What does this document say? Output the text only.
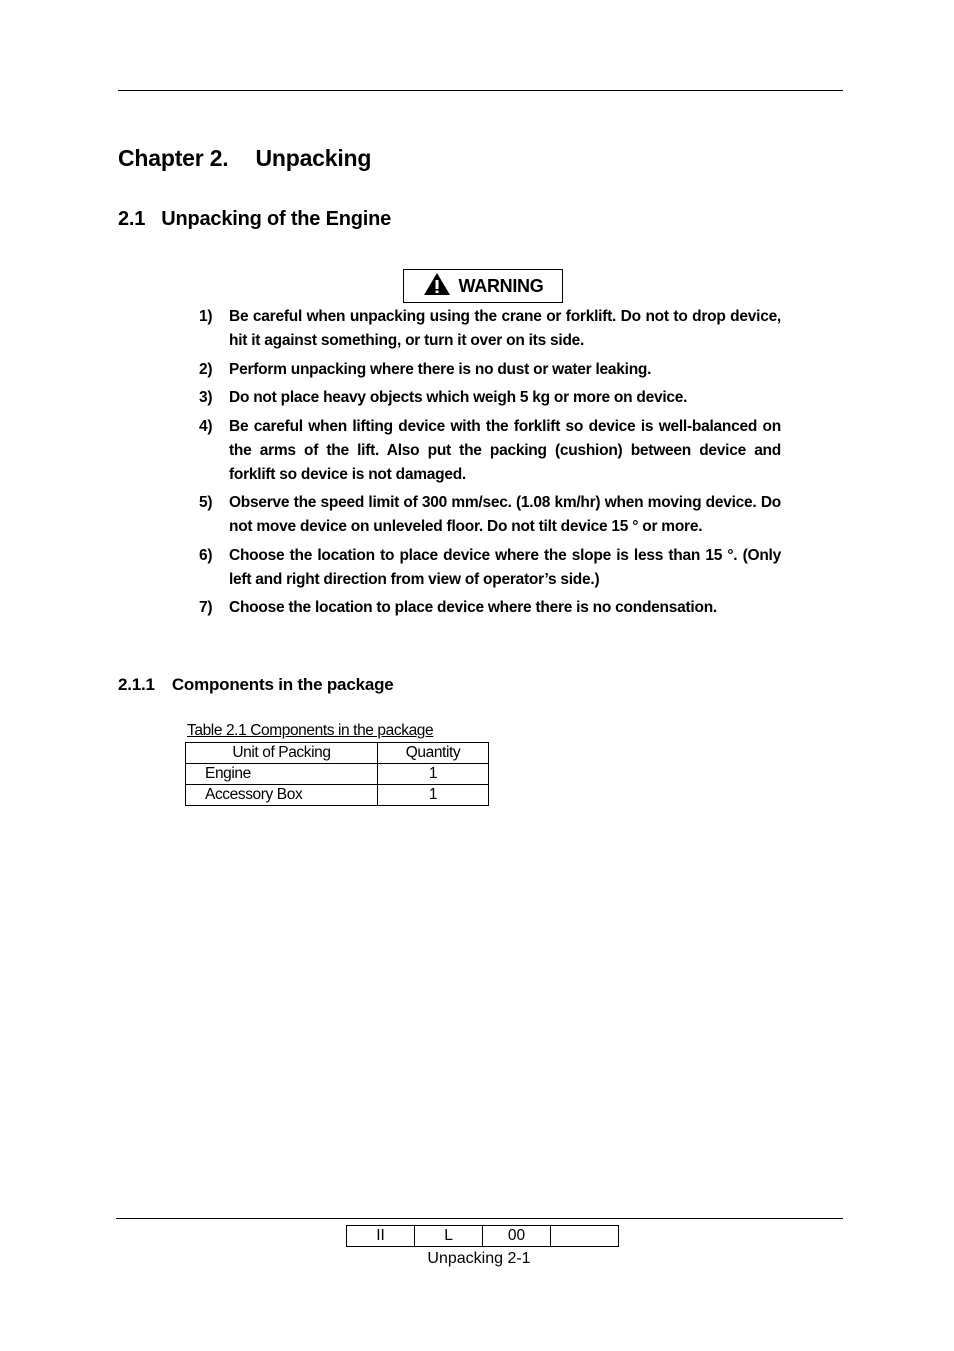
Chapter 2. Unpacking
2.1 Unpacking of the Engine
WARNING
1)	Be careful when unpacking using the crane or forklift. Do not to drop device, hit it against something, or turn it over on its side.
2)	Perform unpacking where there is no dust or water leaking.
3)	Do not place heavy objects which weigh 5 kg or more on device.
4)	Be careful when lifting device with the forklift so device is well-balanced on the arms of the lift. Also put the packing (cushion) between device and forklift so device is not damaged.
5)	Observe the speed limit of 300 mm/sec. (1.08 km/hr) when moving device. Do not move device on unleveled floor. Do not tilt device 15 ° or more.
6)	Choose the location to place device where the slope is less than 15 °. (Only left and right direction from view of operator’s side.)
7)	Choose the location to place device where there is no condensation.
2.1.1 Components in the package
Table 2.1 Components in the package
Unit of Packing	Quantity
Engine	1
Accessory Box	1
II	L	00	
Unpacking 2-1
